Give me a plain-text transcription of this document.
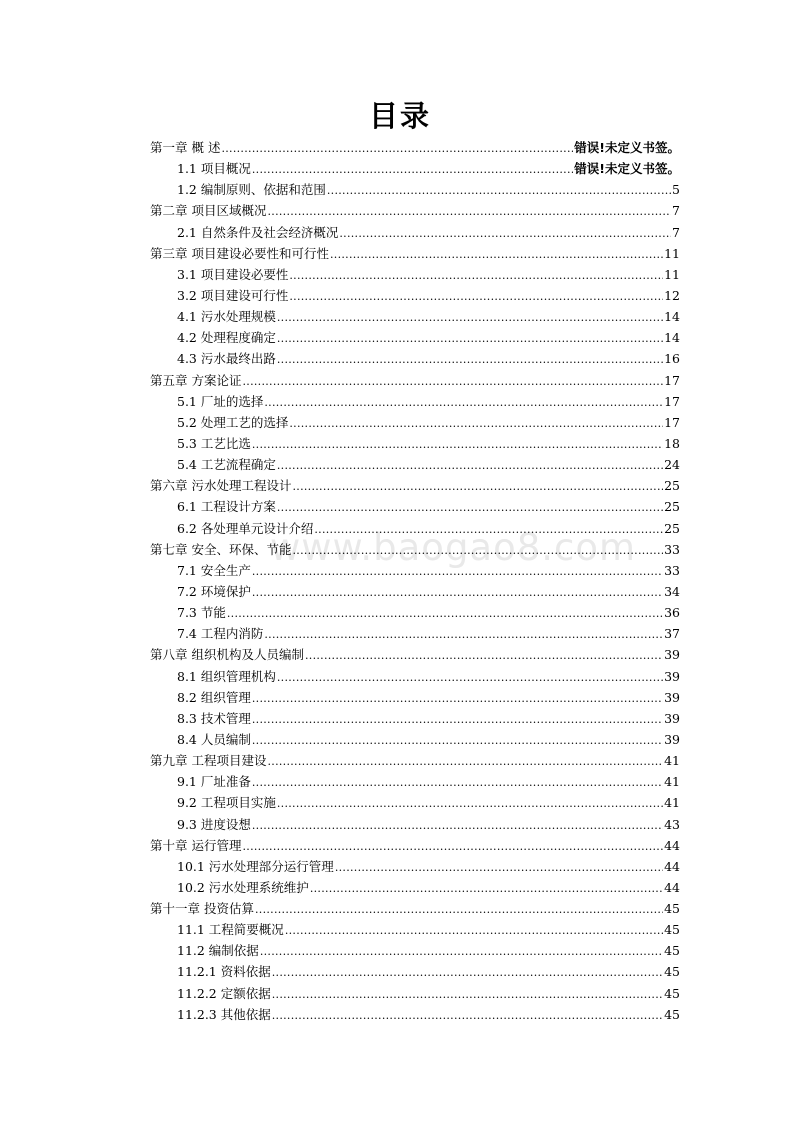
目录
www.baogao8.com
第一章 概 述 .....	错误!未定义书签。
1.1 项目概况 .....	错误!未定义书签。
1.2 编制原则、依据和范围 .....	5
第二章 项目区域概况 .....	7
2.1 自然条件及社会经济概况 .....	7
第三章 项目建设必要性和可行性 .....	11
3.1 项目建设必要性 .....	11
3.2 项目建设可行性 .....	12
4.1 污水处理规模 .....	14
4.2 处理程度确定 .....	14
4.3 污水最终出路 .....	16
第五章 方案论证 .....	17
5.1 厂址的选择 .....	17
5.2 处理工艺的选择 .....	17
5.3 工艺比选 .....	18
5.4 工艺流程确定 .....	24
第六章 污水处理工程设计 .....	25
6.1 工程设计方案 .....	25
6.2 各处理单元设计介绍 .....	25
第七章 安全、环保、节能 .....	33
7.1 安全生产 .....	33
7.2 环境保护 .....	34
7.3 节能 .....	36
7.4 工程内消防 .....	37
第八章 组织机构及人员编制 .....	39
8.1 组织管理机构 .....	39
8.2 组织管理 .....	39
8.3 技术管理 .....	39
8.4 人员编制 .....	39
第九章 工程项目建设 .....	41
9.1 厂址准备 .....	41
9.2 工程项目实施 .....	41
9.3 进度设想 .....	43
第十章 运行管理 .....	44
10.1 污水处理部分运行管理 .....	44
10.2 污水处理系统维护 .....	44
第十一章 投资估算 .....	45
11.1 工程简要概况 .....	45
11.2 编制依据 .....	45
11.2.1 资料依据 .....	45
11.2.2 定额依据 .....	45
11.2.3 其他依据 .....	45
